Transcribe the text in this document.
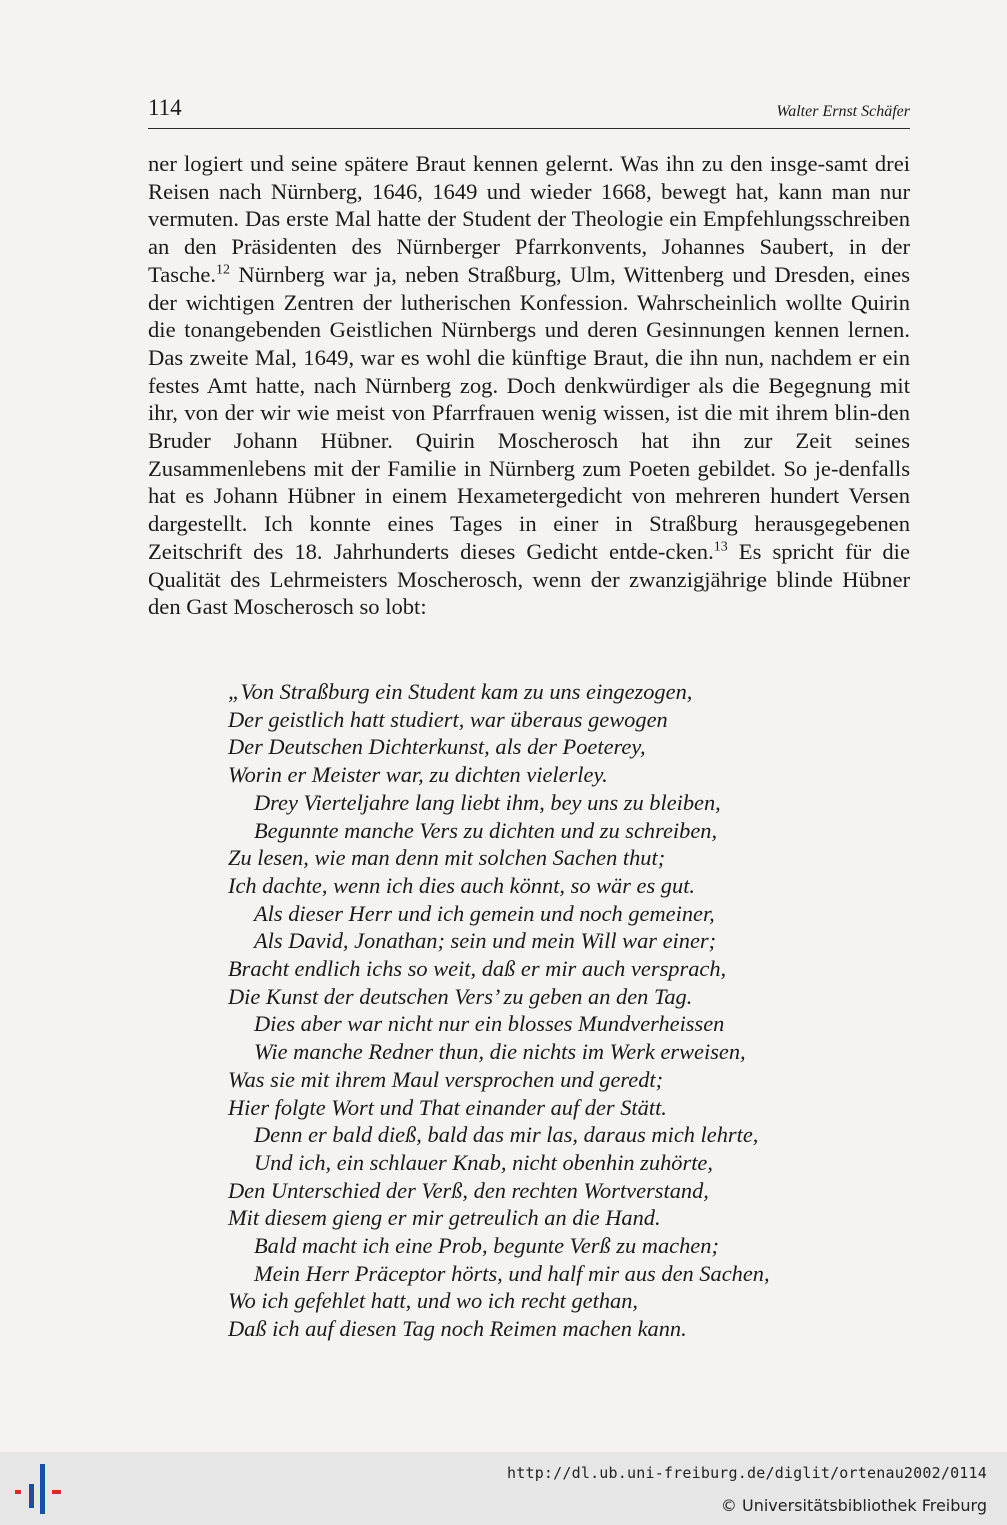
114	Walter Ernst Schäfer

ner logiert und seine spätere Braut kennen gelernt. Was ihn zu den insge-samt drei Reisen nach Nürnberg, 1646, 1649 und wieder 1668, bewegt hat, kann man nur vermuten. Das erste Mal hatte der Student der Theologie ein Empfehlungsschreiben an den Präsidenten des Nürnberger Pfarrkonvents, Johannes Saubert, in der Tasche.$^{12}$ Nürnberg war ja, neben Straßburg, Ulm, Wittenberg und Dresden, eines der wichtigen Zentren der lutherischen Konfession. Wahrscheinlich wollte Quirin die tonangebenden Geistlichen Nürnbergs und deren Gesinnungen kennen lernen. Das zweite Mal, 1649, war es wohl die künftige Braut, die ihn nun, nachdem er ein festes Amt hatte, nach Nürnberg zog. Doch denkwürdiger als die Begegnung mit ihr, von der wir wie meist von Pfarrfrauen wenig wissen, ist die mit ihrem blin-den Bruder Johann Hübner. Quirin Moscherosch hat ihn zur Zeit seines Zusammenlebens mit der Familie in Nürnberg zum Poeten gebildet. So je-denfalls hat es Johann Hübner in einem Hexametergedicht von mehreren hundert Versen dargestellt. Ich konnte eines Tages in einer in Straßburg herausgegebenen Zeitschrift des 18. Jahrhunderts dieses Gedicht entde-cken.$^{13}$ Es spricht für die Qualität des Lehrmeisters Moscherosch, wenn der zwanzigjährige blinde Hübner den Gast Moscherosch so lobt:

„Von Straßburg ein Student kam zu uns eingezogen,
Der geistlich hatt studiert, war überaus gewogen
Der Deutschen Dichterkunst, als der Poeterey,
Worin er Meister war, zu dichten vielerley.
Drey Vierteljahre lang liebt ihm, bey uns zu bleiben,
Begunnte manche Vers zu dichten und zu schreiben,
Zu lesen, wie man denn mit solchen Sachen thut;
Ich dachte, wenn ich dies auch könnt, so wär es gut.
Als dieser Herr und ich gemein und noch gemeiner,
Als David, Jonathan; sein und mein Will war einer;
Bracht endlich ichs so weit, daß er mir auch versprach,
Die Kunst der deutschen Vers’ zu geben an den Tag.
Dies aber war nicht nur ein blosses Mundverheissen
Wie manche Redner thun, die nichts im Werk erweisen,
Was sie mit ihrem Maul versprochen und geredt;
Hier folgte Wort und That einander auf der Stätt.
Denn er bald dieß, bald das mir las, daraus mich lehrte,
Und ich, ein schlauer Knab, nicht obenhin zuhörte,
Den Unterschied der Verß, den rechten Wortverstand,
Mit diesem gieng er mir getreulich an die Hand.
Bald macht ich eine Prob, begunte Verß zu machen;
Mein Herr Präceptor hörts, und half mir aus den Sachen,
Wo ich gefehlet hatt, und wo ich recht gethan,
Daß ich auf diesen Tag noch Reimen machen kann.
http://dl.ub.uni-freiburg.de/diglit/ortenau2002/0114
© Universitätsbibliothek Freiburg
